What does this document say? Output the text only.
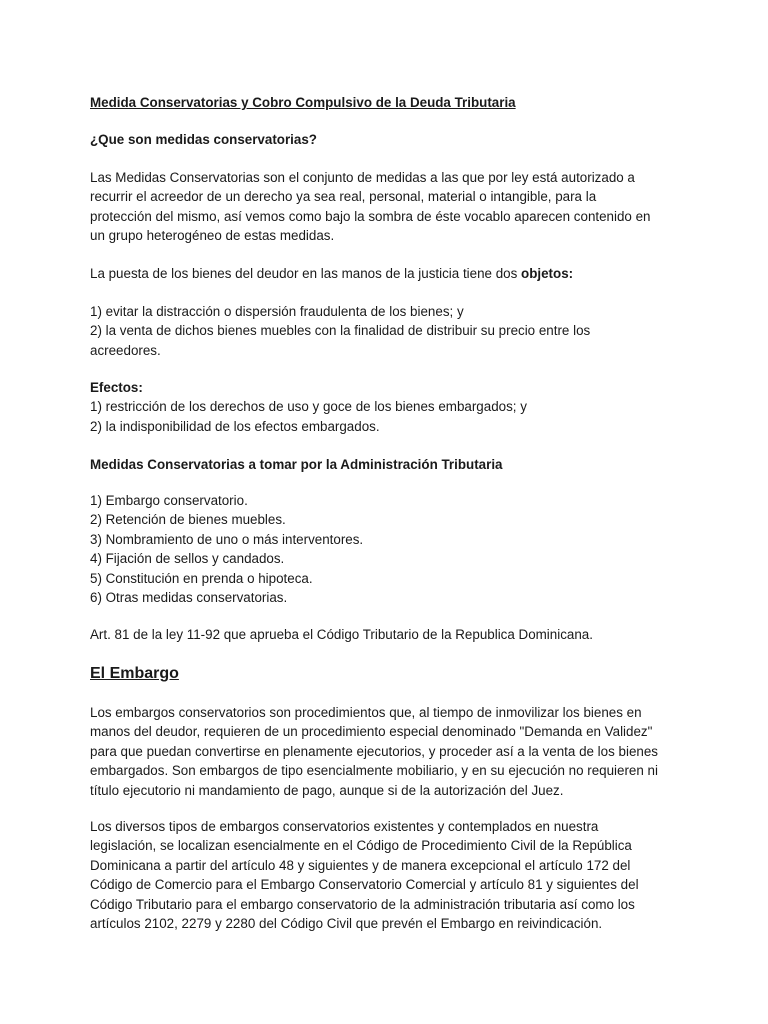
Medida Conservatorias y Cobro Compulsivo de la Deuda Tributaria

¿Que son medidas conservatorias?

Las Medidas Conservatorias son el conjunto de medidas a las que por ley está autorizado a
recurrir el acreedor de un derecho ya sea real, personal, material o intangible, para la
protección del mismo, así vemos como bajo la sombra de éste vocablo aparecen contenido en
un grupo heterogéneo de estas medidas.

La puesta de los bienes del deudor en las manos de la justicia tiene dos objetos:

1) evitar la distracción o dispersión fraudulenta de los bienes; y
2) la venta de dichos bienes muebles con la finalidad de distribuir su precio entre los
acreedores.

Efectos:
1) restricción de los derechos de uso y goce de los bienes embargados; y
2) la indisponibilidad de los efectos embargados.

Medidas Conservatorias a tomar por la Administración Tributaria

1) Embargo conservatorio.
2) Retención de bienes muebles.
3) Nombramiento de uno o más interventores.
4) Fijación de sellos y candados.
5) Constitución en prenda o hipoteca.
6) Otras medidas conservatorias.

Art. 81 de la ley 11-92 que aprueba el Código Tributario de la Republica Dominicana.

El Embargo

Los embargos conservatorios son procedimientos que, al tiempo de inmovilizar los bienes en
manos del deudor, requieren de un procedimiento especial denominado "Demanda en Validez"
para que puedan convertirse en plenamente ejecutorios, y proceder así a la venta de los bienes
embargados. Son embargos de tipo esencialmente mobiliario, y en su ejecución no requieren ni
título ejecutorio ni mandamiento de pago, aunque si de la autorización del Juez.

Los diversos tipos de embargos conservatorios existentes y contemplados en nuestra
legislación, se localizan esencialmente en el Código de Procedimiento Civil de la República
Dominicana a partir del artículo 48 y siguientes y de manera excepcional el artículo 172 del
Código de Comercio para el Embargo Conservatorio Comercial y artículo 81 y siguientes del
Código Tributario para el embargo conservatorio de la administración tributaria así como los
artículos 2102, 2279 y 2280 del Código Civil que prevén el Embargo en reivindicación.
